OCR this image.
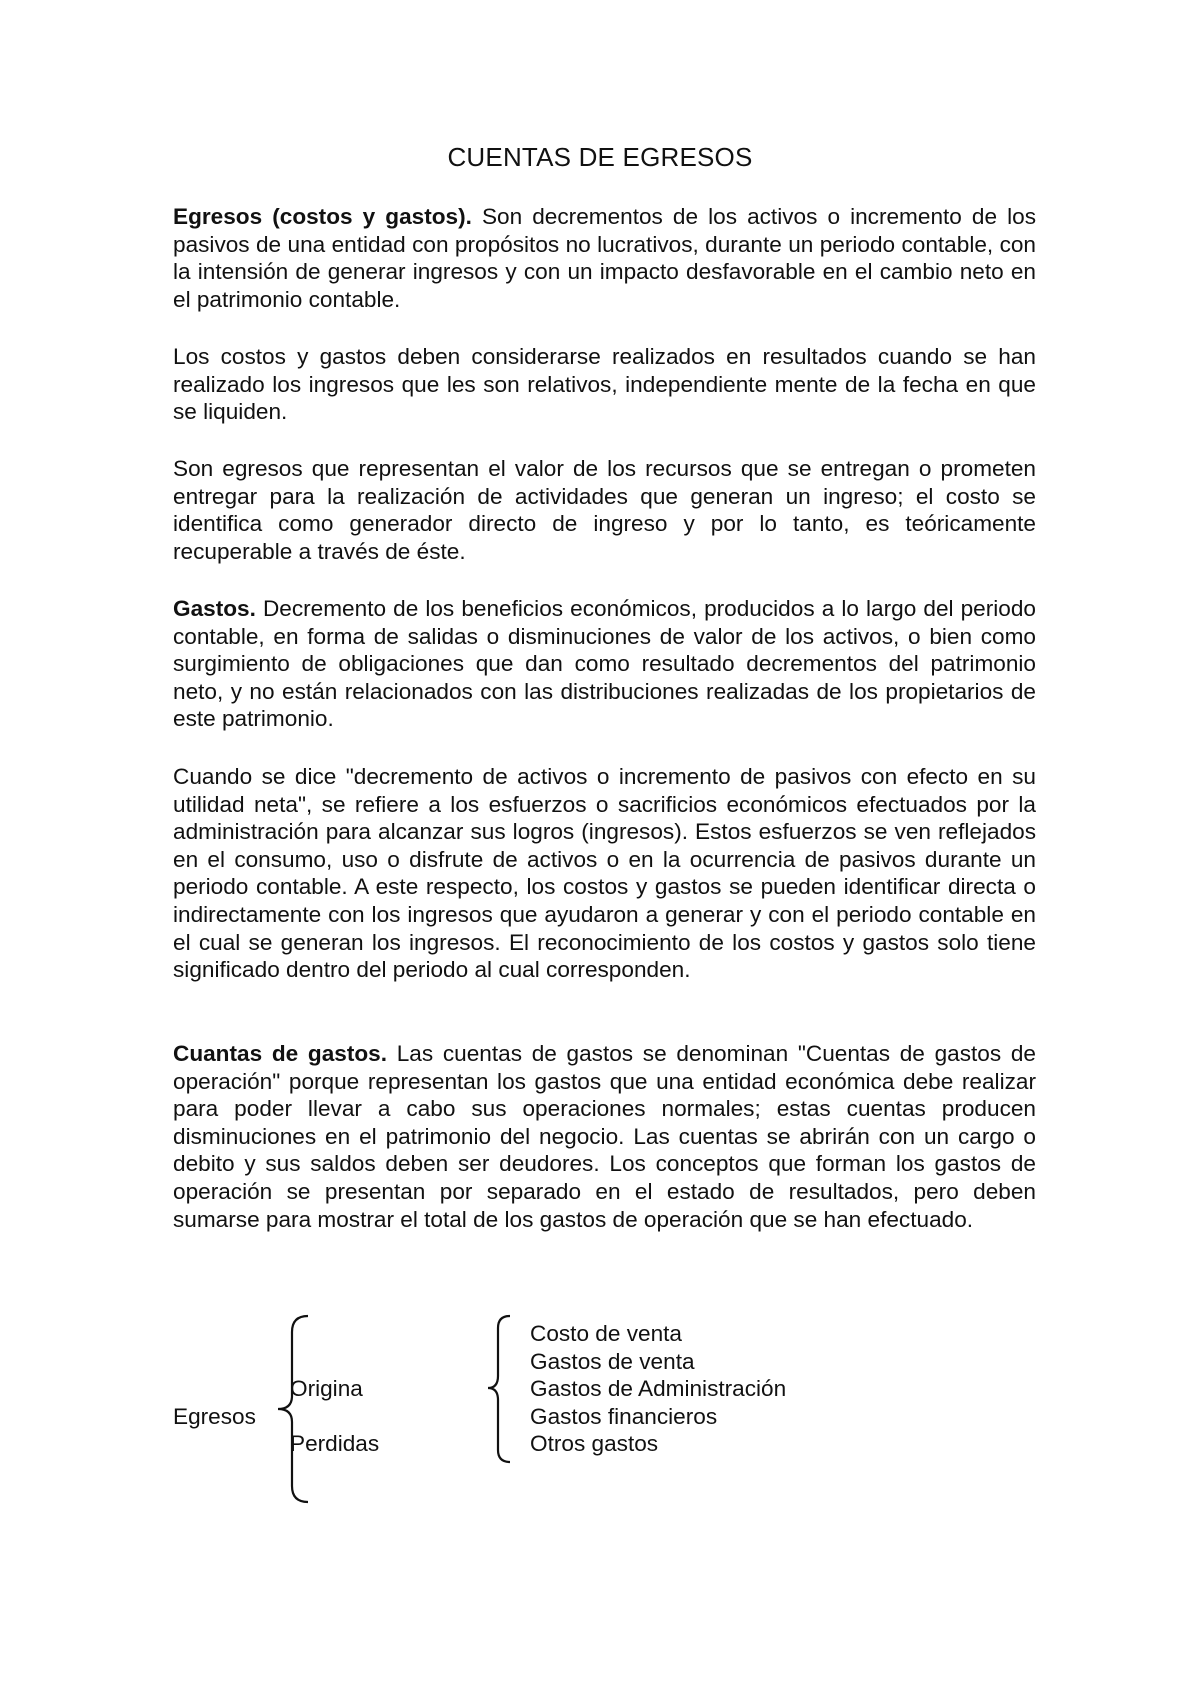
CUENTAS DE EGRESOS

Egresos (costos y gastos). Son decrementos de los activos o incremento de los pasivos de una entidad con propósitos no lucrativos, durante un periodo contable, con la intensión de generar ingresos y con un impacto desfavorable en el cambio neto en el patrimonio contable.

Los costos y gastos deben considerarse realizados en resultados cuando se han realizado los ingresos que les son relativos, independiente mente de la fecha en que se liquiden.

Son egresos que representan el valor de los recursos que se entregan o prometen entregar para la realización de actividades que generan un ingreso; el costo se identifica como generador directo de ingreso y por lo tanto, es teóricamente recuperable a través de éste.

Gastos. Decremento de los beneficios económicos, producidos a lo largo del periodo contable, en forma de salidas o disminuciones de valor de los activos, o bien como surgimiento de obligaciones que dan como resultado decrementos del patrimonio neto, y no están relacionados con las distribuciones realizadas de los propietarios de este patrimonio.

Cuando se dice "decremento de activos o incremento de pasivos con efecto en su utilidad neta", se refiere a los esfuerzos o sacrificios económicos efectuados por la administración para alcanzar sus logros (ingresos). Estos esfuerzos se ven reflejados en el consumo, uso o disfrute de activos o en la ocurrencia de pasivos durante un periodo contable. A este respecto, los costos y gastos se pueden identificar directa o indirectamente con los ingresos que ayudaron a generar y con el periodo contable en el cual se generan los ingresos. El reconocimiento de los costos y gastos solo tiene significado dentro del periodo al cual corresponden.

Cuantas de gastos. Las cuentas de gastos se denominan "Cuentas de gastos de operación" porque representan los gastos que una entidad económica debe realizar para poder llevar a cabo sus operaciones normales; estas cuentas producen disminuciones en el patrimonio del negocio. Las cuentas se abrirán con un cargo o debito y sus saldos deben ser deudores. Los conceptos que forman los gastos de operación se presentan por separado en el estado de resultados, pero deben sumarse para mostrar el total de los gastos de operación que se han efectuado.

Egresos
Origina
Perdidas
Costo de venta
Gastos de venta
Gastos de Administración
Gastos financieros
Otros gastos
